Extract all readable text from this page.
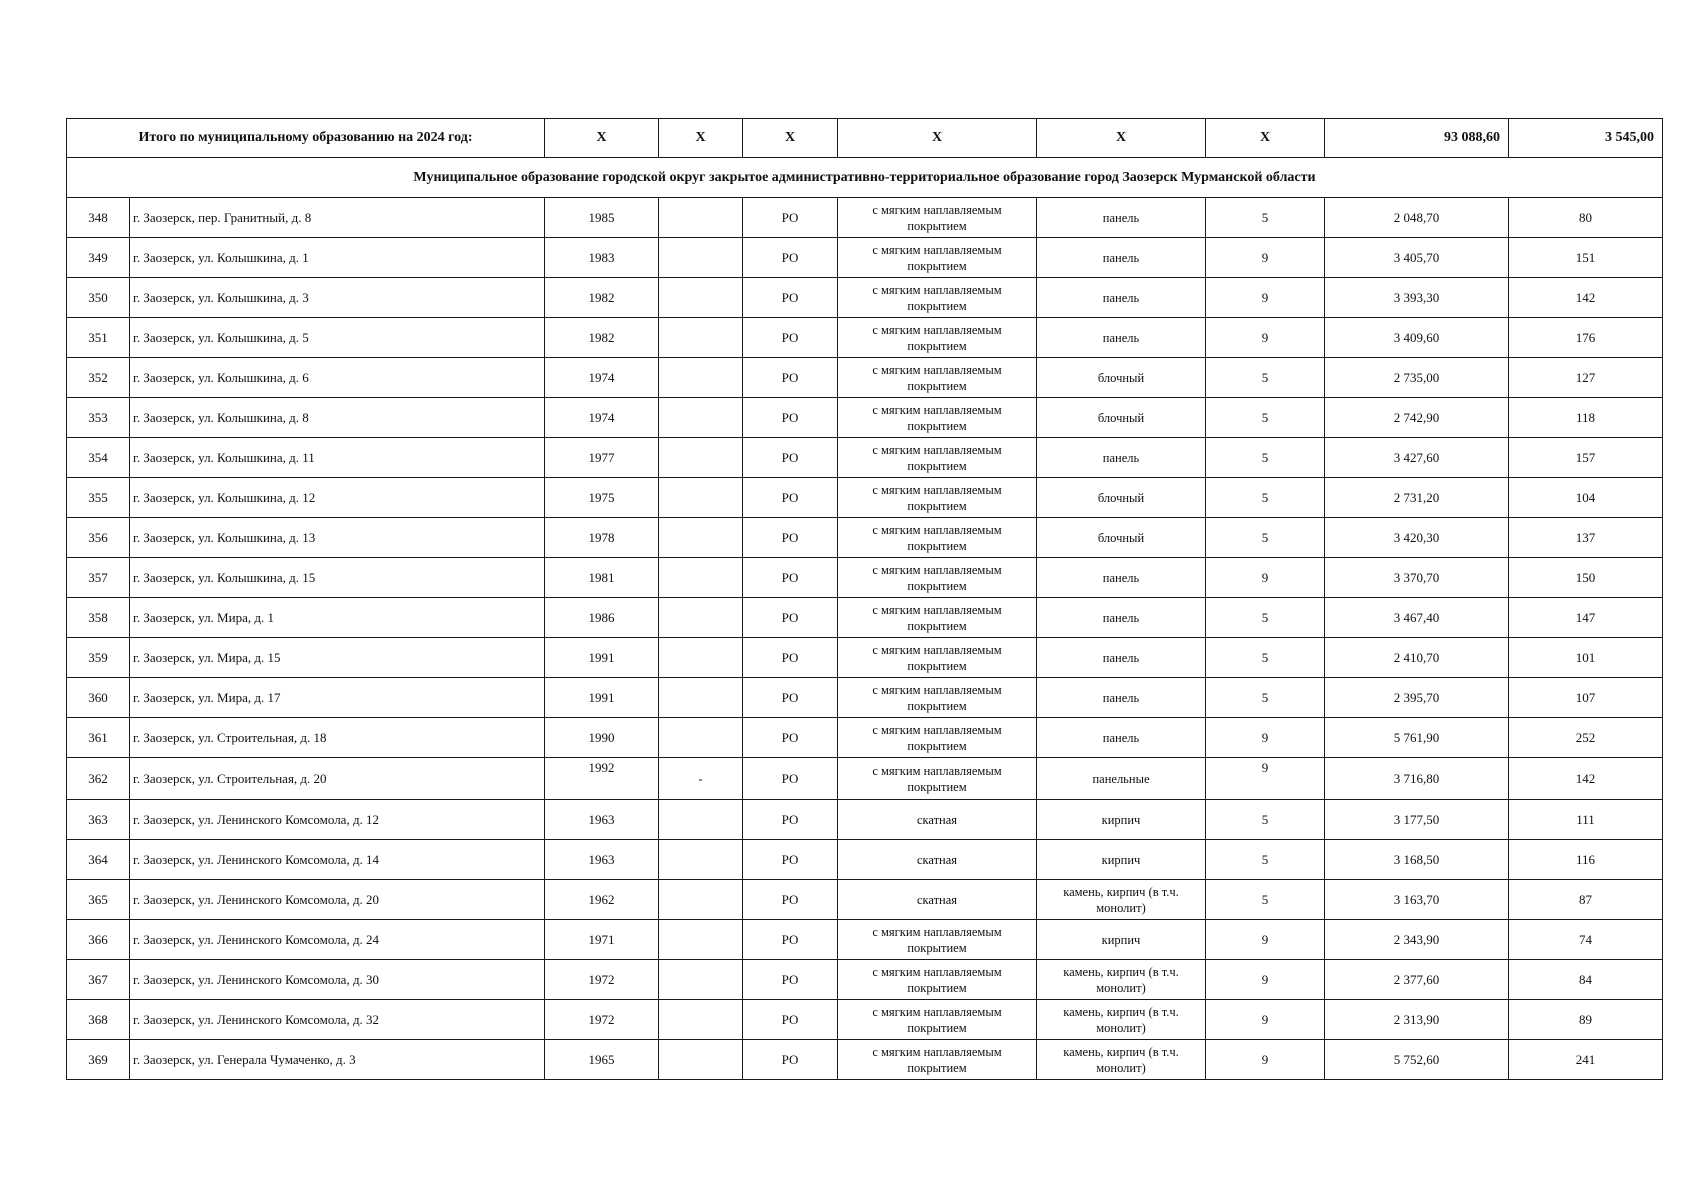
Итого по муниципальному образованию на 2024 год:		X	X	X	X	X	X	93 088,60	3 545,00
Муниципальное образование городской округ закрытое административно-территориальное образование город Заозерск Мурманской области									
348	г. Заозерск, пер. Гранитный, д. 8	1985		РО	с мягким наплавляемым покрытием	панель	5	2 048,70	80
349	г. Заозерск, ул. Колышкина, д. 1	1983		РО	с мягким наплавляемым покрытием	панель	9	3 405,70	151
350	г. Заозерск, ул. Колышкина, д. 3	1982		РО	с мягким наплавляемым покрытием	панель	9	3 393,30	142
351	г. Заозерск, ул. Колышкина, д. 5	1982		РО	с мягким наплавляемым покрытием	панель	9	3 409,60	176
352	г. Заозерск, ул. Колышкина, д. 6	1974		РО	с мягким наплавляемым покрытием	блочный	5	2 735,00	127
353	г. Заозерск, ул. Колышкина, д. 8	1974		РО	с мягким наплавляемым покрытием	блочный	5	2 742,90	118
354	г. Заозерск, ул. Колышкина, д. 11	1977		РО	с мягким наплавляемым покрытием	панель	5	3 427,60	157
355	г. Заозерск, ул. Колышкина, д. 12	1975		РО	с мягким наплавляемым покрытием	блочный	5	2 731,20	104
356	г. Заозерск, ул. Колышкина, д. 13	1978		РО	с мягким наплавляемым покрытием	блочный	5	3 420,30	137
357	г. Заозерск, ул. Колышкина, д. 15	1981		РО	с мягким наплавляемым покрытием	панель	9	3 370,70	150
358	г. Заозерск, ул. Мира, д. 1	1986		РО	с мягким наплавляемым покрытием	панель	5	3 467,40	147
359	г. Заозерск, ул. Мира, д. 15	1991		РО	с мягким наплавляемым покрытием	панель	5	2 410,70	101
360	г. Заозерск, ул. Мира, д. 17	1991		РО	с мягким наплавляемым покрытием	панель	5	2 395,70	107
361	г. Заозерск, ул. Строительная, д. 18	1990		РО	с мягким наплавляемым покрытием	панель	9	5 761,90	252
362	г. Заозерск, ул. Строительная, д. 20	1992	-	РО	с мягким наплавляемым покрытием	панельные	9	3 716,80	142
363	г. Заозерск, ул. Ленинского Комсомола, д. 12	1963		РО	скатная	кирпич	5	3 177,50	111
364	г. Заозерск, ул. Ленинского Комсомола, д. 14	1963		РО	скатная	кирпич	5	3 168,50	116
365	г. Заозерск, ул. Ленинского Комсомола, д. 20	1962		РО	скатная	камень, кирпич (в т.ч. монолит)	5	3 163,70	87
366	г. Заозерск, ул. Ленинского Комсомола, д. 24	1971		РО	с мягким наплавляемым покрытием	кирпич	9	2 343,90	74
367	г. Заозерск, ул. Ленинского Комсомола, д. 30	1972		РО	с мягким наплавляемым покрытием	камень, кирпич (в т.ч. монолит)	9	2 377,60	84
368	г. Заозерск, ул. Ленинского Комсомола, д. 32	1972		РО	с мягким наплавляемым покрытием	камень, кирпич (в т.ч. монолит)	9	2 313,90	89
369	г. Заозерск, ул. Генерала Чумаченко, д. 3	1965		РО	с мягким наплавляемым покрытием	камень, кирпич (в т.ч. монолит)	9	5 752,60	241
